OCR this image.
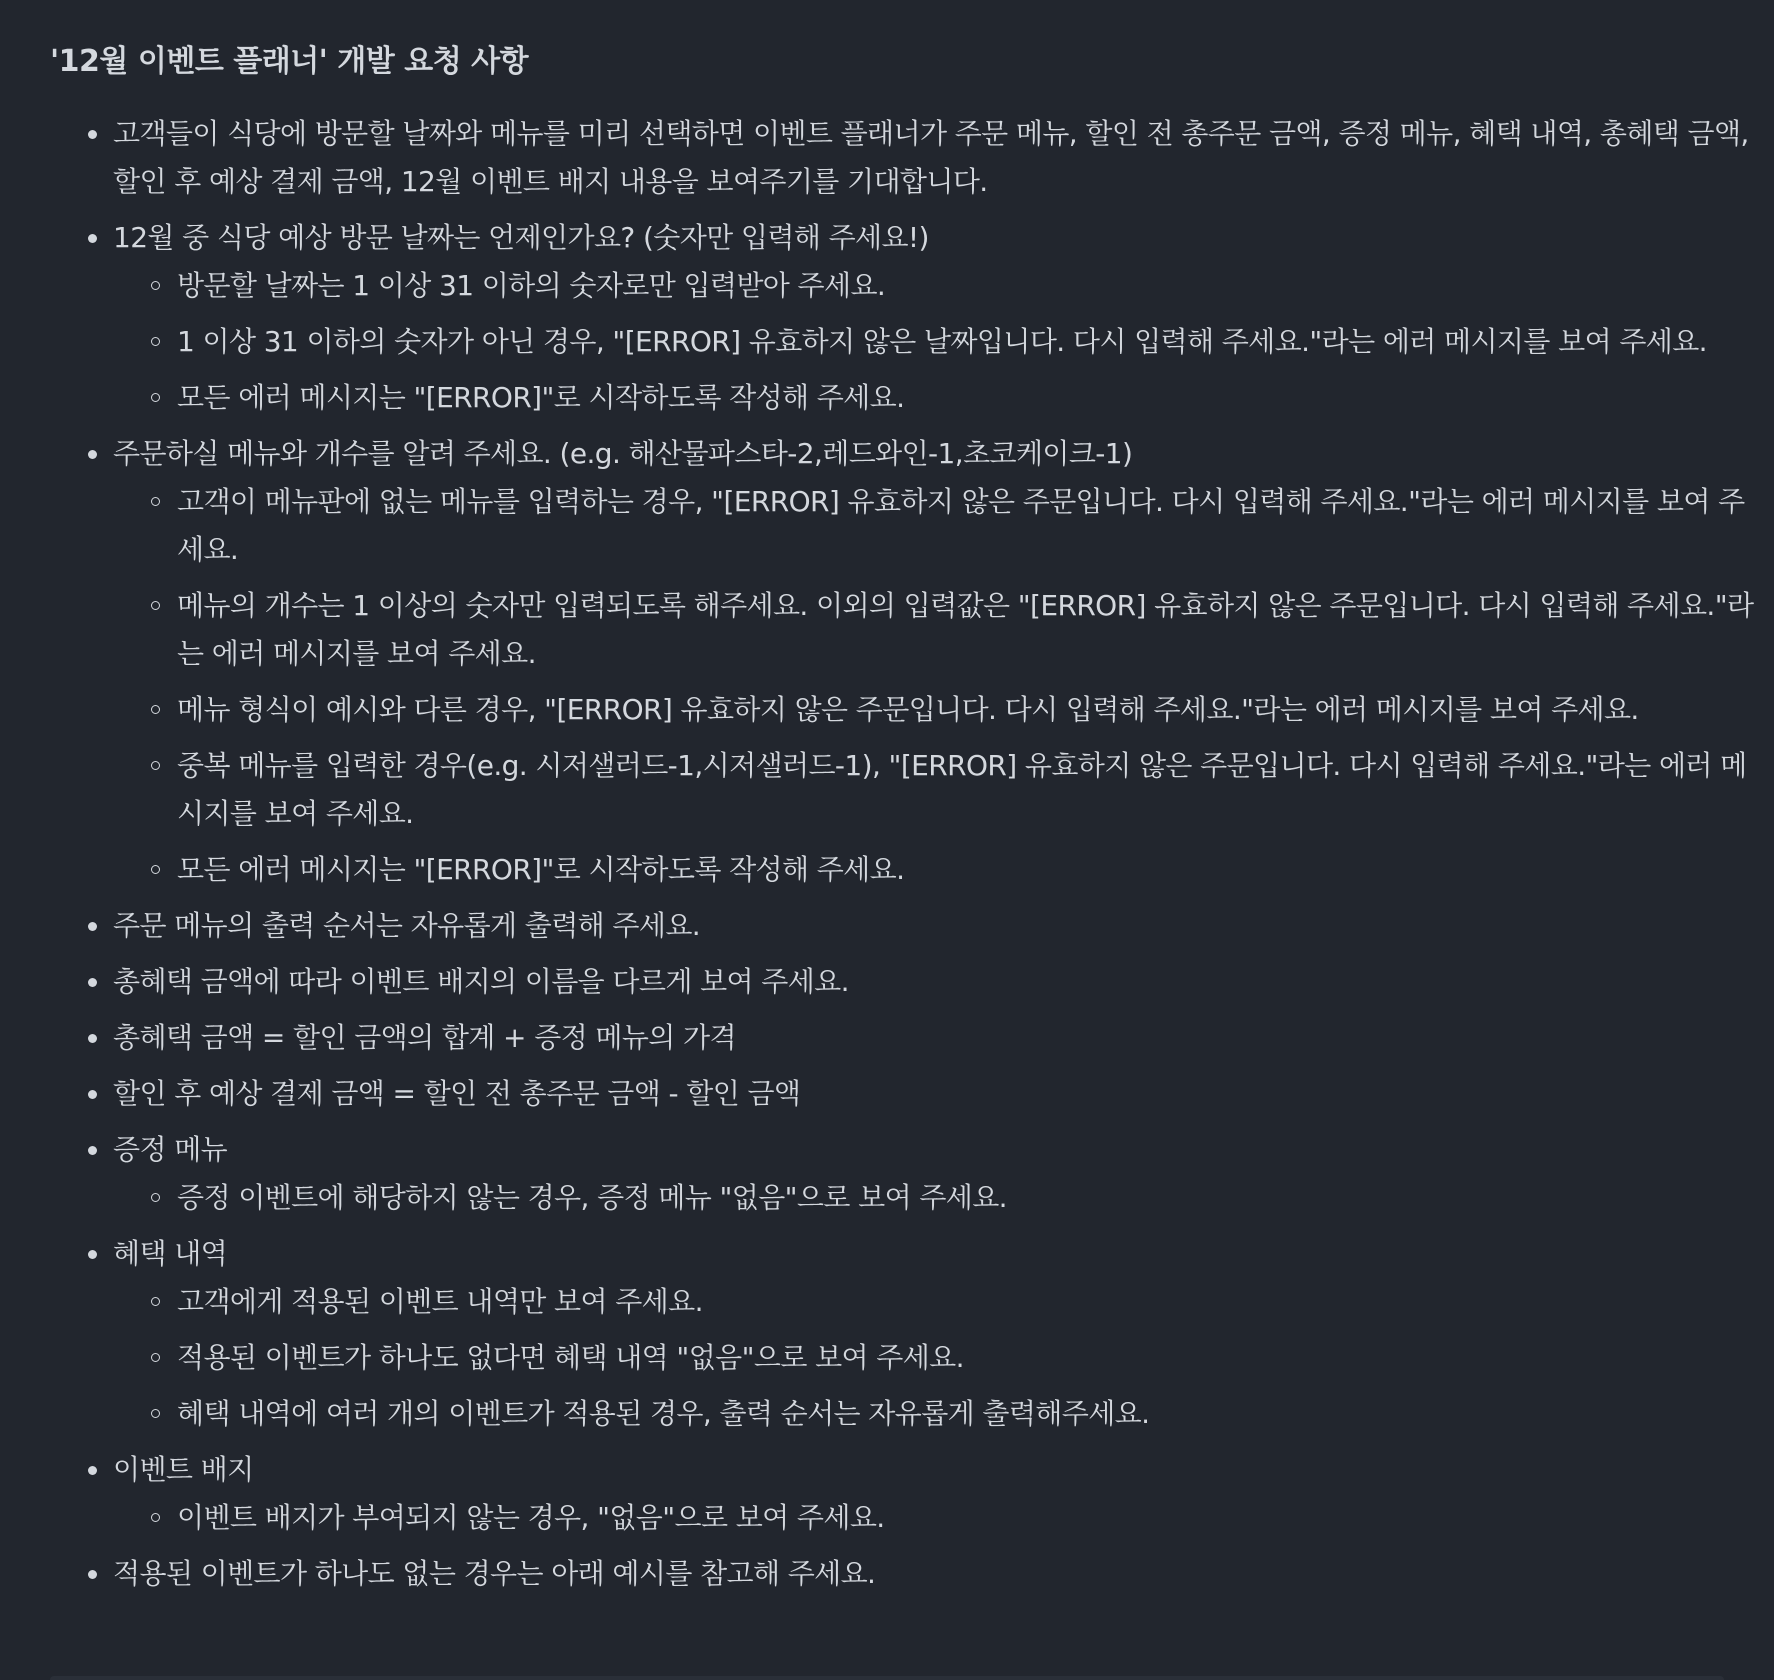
'12월 이벤트 플래너' 개발 요청 사항
고객들이 식당에 방문할 날짜와 메뉴를 미리 선택하면 이벤트 플래너가 주문 메뉴, 할인 전 총주문 금액, 증정 메뉴, 혜택 내역, 총혜택 금액, 할인 후 예상 결제 금액, 12월 이벤트 배지 내용을 보여주기를 기대합니다.
12월 중 식당 예상 방문 날짜는 언제인가요? (숫자만 입력해 주세요!)
방문할 날짜는 1 이상 31 이하의 숫자로만 입력받아 주세요.
1 이상 31 이하의 숫자가 아닌 경우, "[ERROR] 유효하지 않은 날짜입니다. 다시 입력해 주세요."라는 에러 메시지를 보여 주세요.
모든 에러 메시지는 "[ERROR]"로 시작하도록 작성해 주세요.
주문하실 메뉴와 개수를 알려 주세요. (e.g. 해산물파스타-2,레드와인-1,초코케이크-1)
고객이 메뉴판에 없는 메뉴를 입력하는 경우, "[ERROR] 유효하지 않은 주문입니다. 다시 입력해 주세요."라는 에러 메시지를 보여 주세요.
메뉴의 개수는 1 이상의 숫자만 입력되도록 해주세요. 이외의 입력값은 "[ERROR] 유효하지 않은 주문입니다. 다시 입력해 주세요."라는 에러 메시지를 보여 주세요.
메뉴 형식이 예시와 다른 경우, "[ERROR] 유효하지 않은 주문입니다. 다시 입력해 주세요."라는 에러 메시지를 보여 주세요.
중복 메뉴를 입력한 경우(e.g. 시저샐러드-1,시저샐러드-1), "[ERROR] 유효하지 않은 주문입니다. 다시 입력해 주세요."라는 에러 메시지를 보여 주세요.
모든 에러 메시지는 "[ERROR]"로 시작하도록 작성해 주세요.
주문 메뉴의 출력 순서는 자유롭게 출력해 주세요.
총혜택 금액에 따라 이벤트 배지의 이름을 다르게 보여 주세요.
총혜택 금액 = 할인 금액의 합계 + 증정 메뉴의 가격
할인 후 예상 결제 금액 = 할인 전 총주문 금액 - 할인 금액
증정 메뉴
증정 이벤트에 해당하지 않는 경우, 증정 메뉴 "없음"으로 보여 주세요.
혜택 내역
고객에게 적용된 이벤트 내역만 보여 주세요.
적용된 이벤트가 하나도 없다면 혜택 내역 "없음"으로 보여 주세요.
혜택 내역에 여러 개의 이벤트가 적용된 경우, 출력 순서는 자유롭게 출력해주세요.
이벤트 배지
이벤트 배지가 부여되지 않는 경우, "없음"으로 보여 주세요.
적용된 이벤트가 하나도 없는 경우는 아래 예시를 참고해 주세요.
